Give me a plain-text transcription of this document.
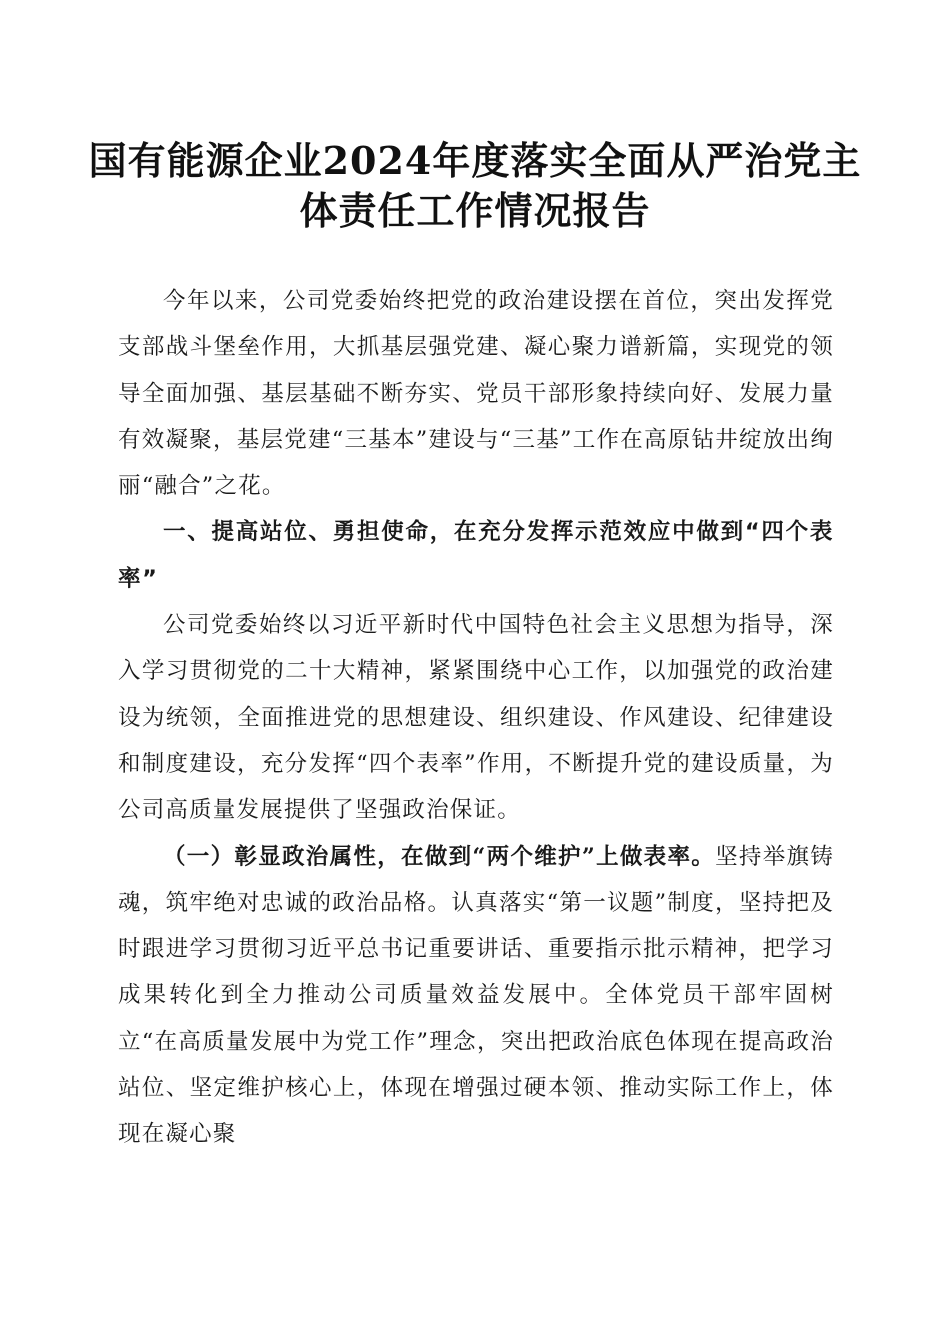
国有能源企业2024年度落实全面从严治党主
体责任工作情况报告

今年以来，公司党委始终把党的政治建设摆在首位，突出发挥党支部战斗堡垒作用，大抓基层强党建、凝心聚力谱新篇，实现党的领导全面加强、基层基础不断夯实、党员干部形象持续向好、发展力量有效凝聚，基层党建“三基本”建设与“三基”工作在高原钻井绽放出绚丽“融合”之花。

一、提高站位、勇担使命，在充分发挥示范效应中做到“四个表率”

公司党委始终以习近平新时代中国特色社会主义思想为指导，深入学习贯彻党的二十大精神，紧紧围绕中心工作，以加强党的政治建设为统领，全面推进党的思想建设、组织建设、作风建设、纪律建设和制度建设，充分发挥“四个表率”作用，不断提升党的建设质量，为公司高质量发展提供了坚强政治保证。

（一）彰显政治属性，在做到“两个维护”上做表率。坚持举旗铸魂，筑牢绝对忠诚的政治品格。认真落实“第一议题”制度，坚持把及时跟进学习贯彻习近平总书记重要讲话、重要指示批示精神，把学习成果转化到全力推动公司质量效益发展中。全体党员干部牢固树立“在高质量发展中为党工作”理念，突出把政治底色体现在提高政治站位、坚定维护核心上，体现在增强过硬本领、推动实际工作上，体现在凝心聚
